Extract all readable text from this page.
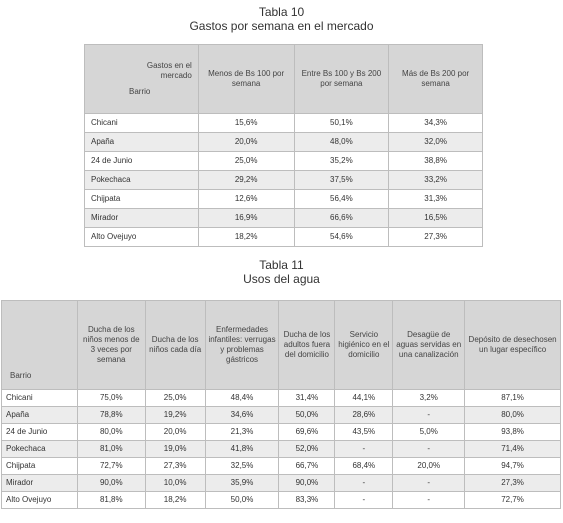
Tabla 10
Gastos por semana en el mercado
Gastos en el
mercado
Barrio	Menos de Bs 100 por semana	Entre Bs 100 y Bs 200 por semana	Más de Bs 200 por semana
Chicani	15,6%	50,1%	34,3%
Apaña	20,0%	48,0%	32,0%
24 de Junio	25,0%	35,2%	38,8%
Pokechaca	29,2%	37,5%	33,2%
Chijpata	12,6%	56,4%	31,3%
Mirador	16,9%	66,6%	16,5%
Alto Ovejuyo	18,2%	54,6%	27,3%
Tabla 11
Usos del agua
Barrio	Ducha de los niños menos de 3 veces por semana	Ducha de los niños cada día	Enfermedades infantiles: verrugas y problemas gástricos	Ducha de los adultos fuera del domicilio	Servicio higiénico en el domicilio	Desagüe de aguas servidas en una canalización	Depósito de desechosen un lugar específico
Chicani	75,0%	25,0%	48,4%	31,4%	44,1%	3,2%	87,1%
Apaña	78,8%	19,2%	34,6%	50,0%	28,6%	-	80,0%
24 de Junio	80,0%	20,0%	21,3%	69,6%	43,5%	5,0%	93,8%
Pokechaca	81,0%	19,0%	41,8%	52,0%	-	-	71,4%
Chijpata	72,7%	27,3%	32,5%	66,7%	68,4%	20,0%	94,7%
Mirador	90,0%	10,0%	35,9%	90,0%	-	-	27,3%
Alto Ovejuyo	81,8%	18,2%	50,0%	83,3%	-	-	72,7%
